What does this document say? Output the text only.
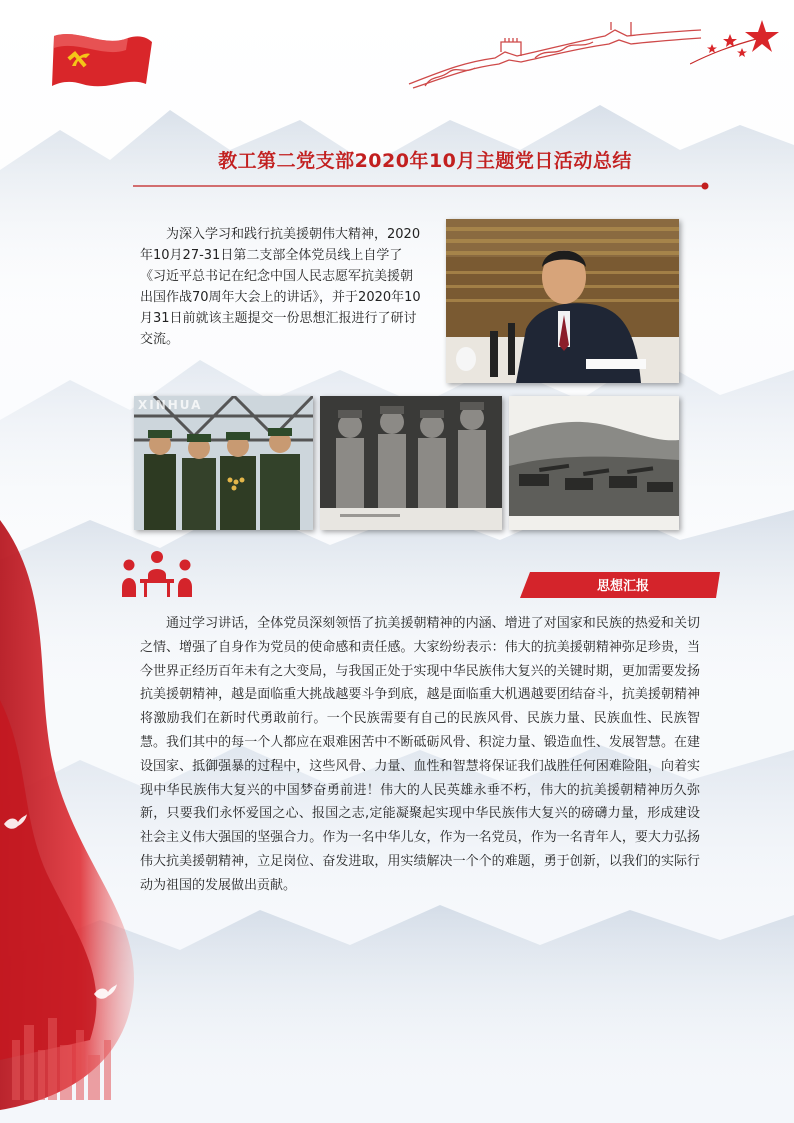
教工第二党支部2020年10月主题党日活动总结
为深入学习和践行抗美援朝伟大精神，2020年10月27-31日第二支部全体党员线上自学了《习近平总书记在纪念中国人民志愿军抗美援朝出国作战70周年大会上的讲话》，并于2020年10月31日前就该主题提交一份思想汇报进行了研讨交流。
XINHUA
思想汇报
通过学习讲话，全体党员深刻领悟了抗美援朝精神的内涵、增进了对国家和民族的热爱和关切之情、增强了自身作为党员的使命感和责任感。大家纷纷表示：伟大的抗美援朝精神弥足珍贵，当今世界正经历百年未有之大变局，与我国正处于实现中华民族伟大复兴的关键时期，更加需要发扬抗美援朝精神，越是面临重大挑战越要斗争到底，越是面临重大机遇越要团结奋斗，抗美援朝精神将激励我们在新时代勇敢前行。一个民族需要有自己的民族风骨、民族力量、民族血性、民族智慧。我们其中的每一个人都应在艰难困苦中不断砥砺风骨、积淀力量、锻造血性、发展智慧。在建设国家、抵御强暴的过程中，这些风骨、力量、血性和智慧将保证我们战胜任何困难险阻，向着实现中华民族伟大复兴的中国梦奋勇前进！伟大的人民英雄永垂不朽，伟大的抗美援朝精神历久弥新，只要我们永怀爱国之心、报国之志,定能凝聚起实现中华民族伟大复兴的磅礴力量，形成建设社会主义伟大强国的坚强合力。作为一名中华儿女，作为一名党员，作为一名青年人，要大力弘扬伟大抗美援朝精神，立足岗位、奋发进取，用实绩解决一个个的难题，勇于创新，以我们的实际行动为祖国的发展做出贡献。
